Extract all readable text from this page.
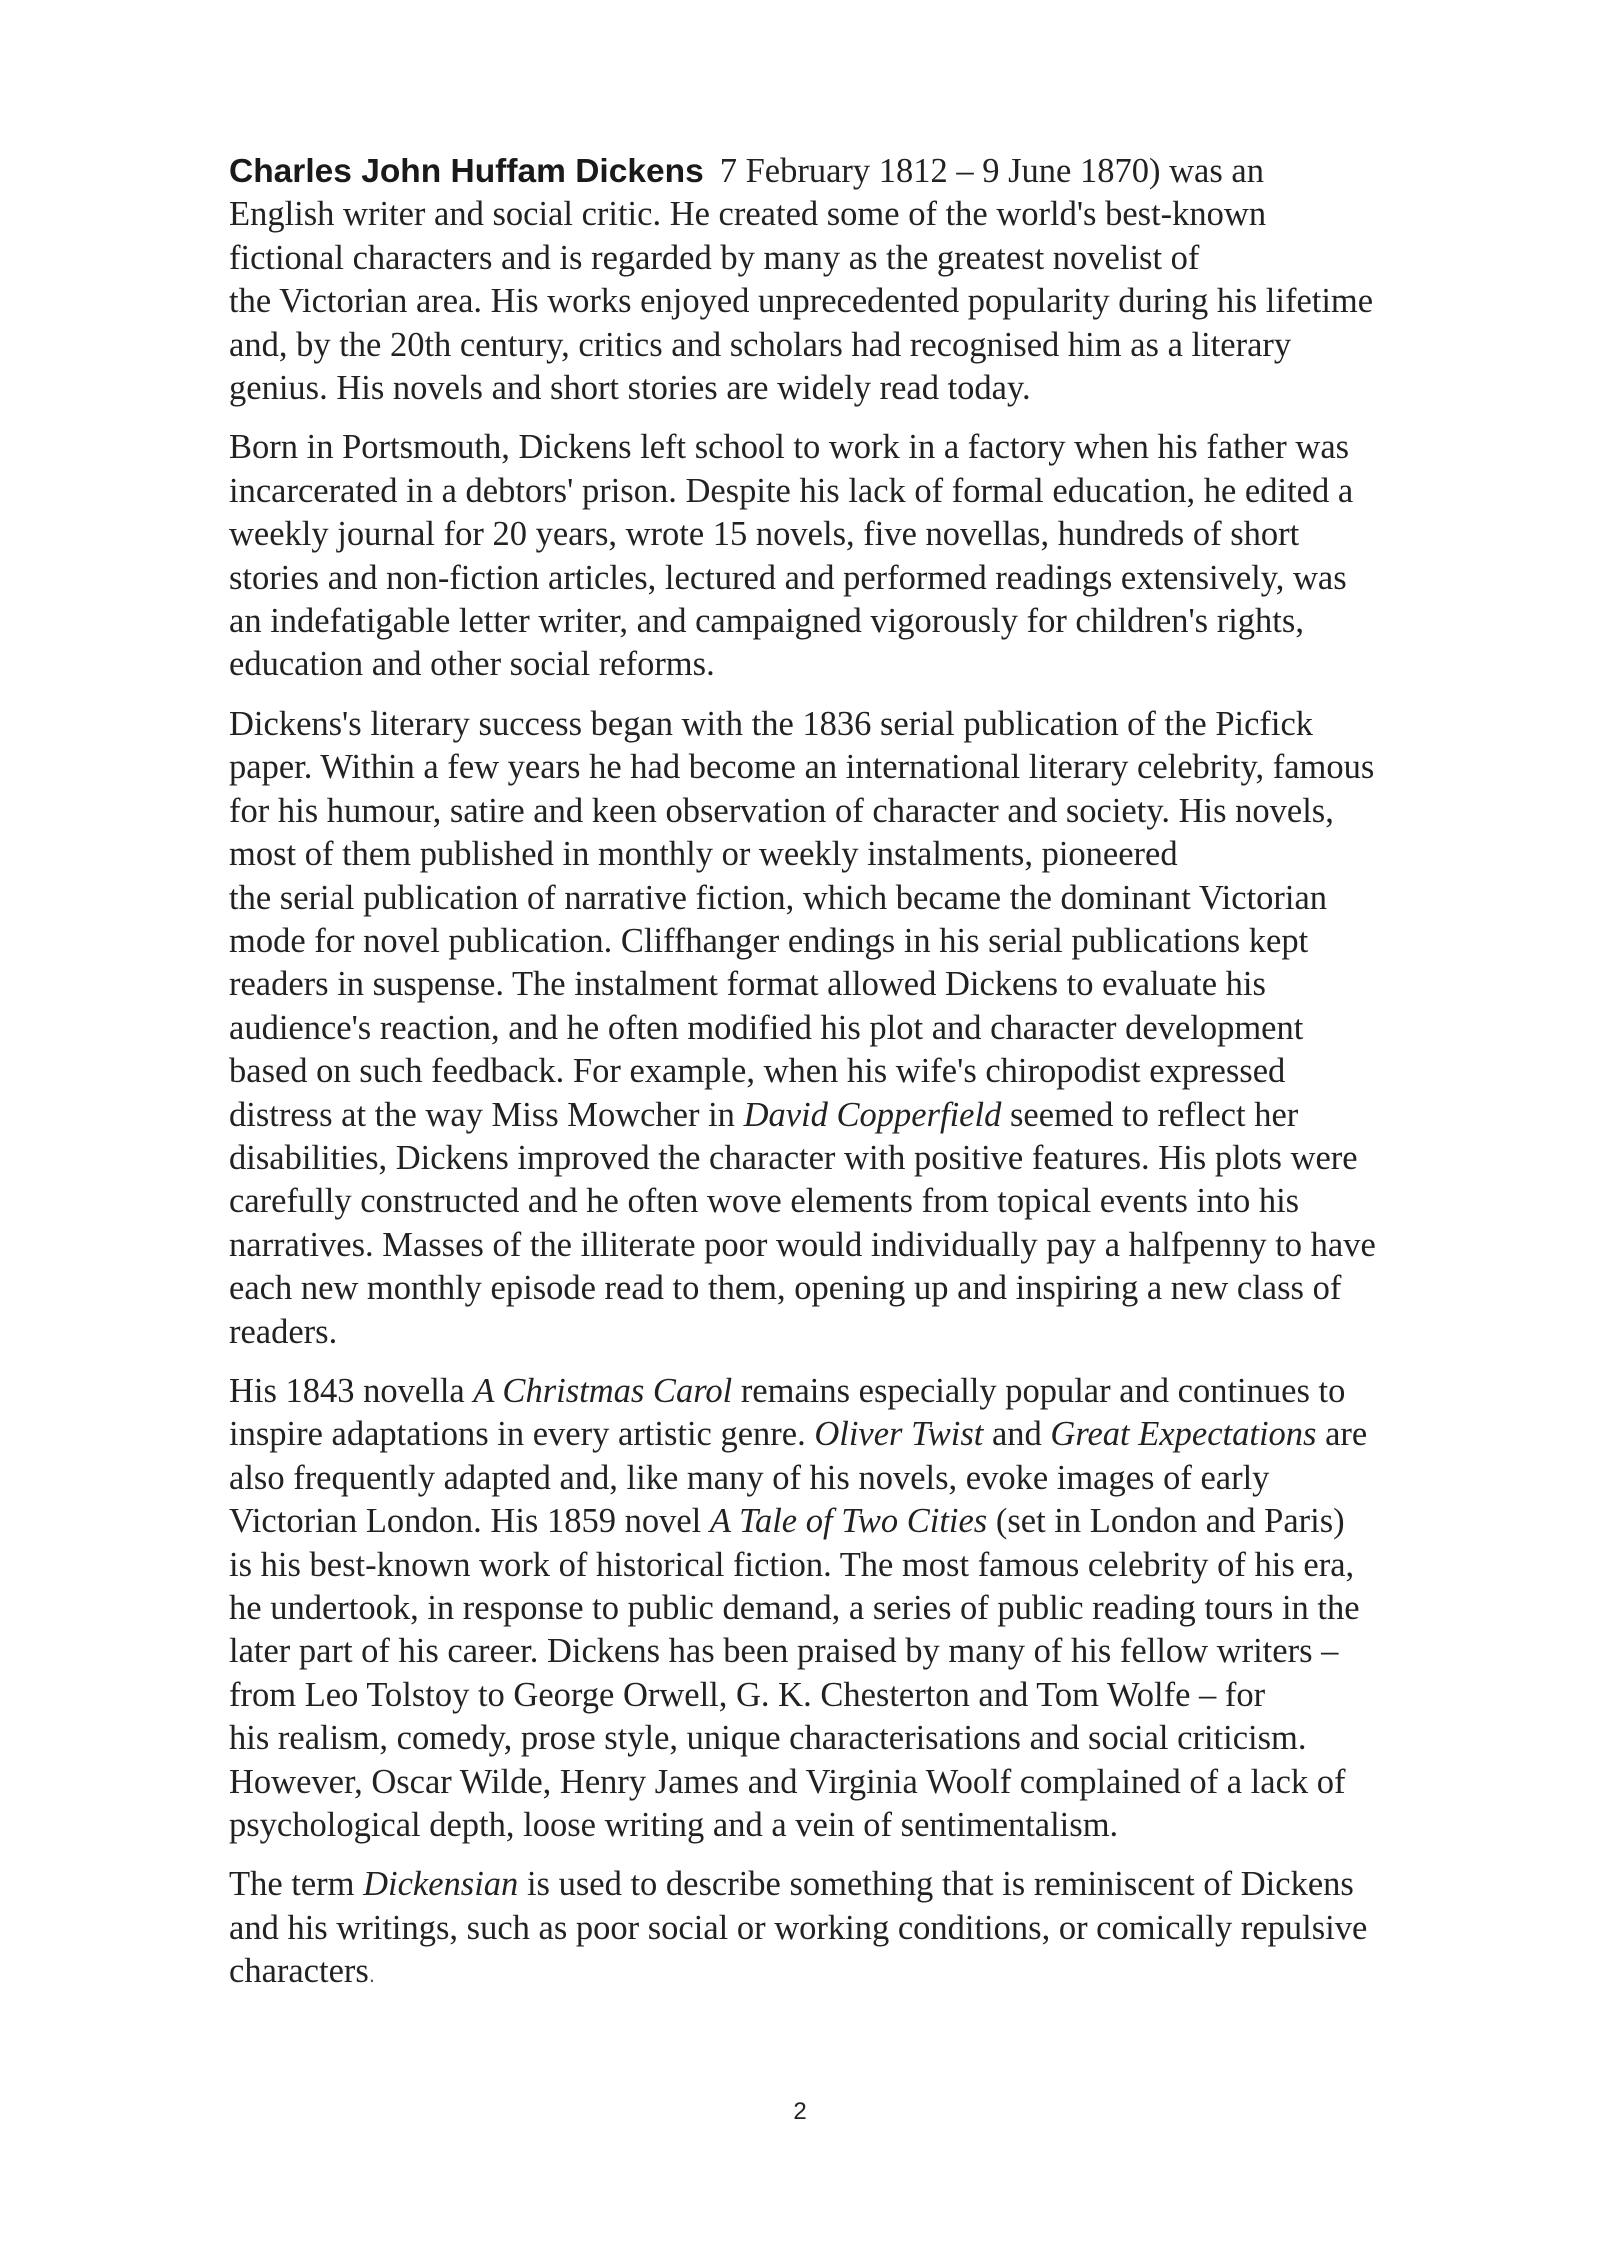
Charles John Huffam Dickens 7 February 1812 – 9 June 1870) was an
English writer and social critic. He created some of the world's best-known
fictional characters and is regarded by many as the greatest novelist of
the Victorian area. His works enjoyed unprecedented popularity during his lifetime
and, by the 20th century, critics and scholars had recognised him as a literary
genius. His novels and short stories are widely read today.

Born in Portsmouth, Dickens left school to work in a factory when his father was
incarcerated in a debtors' prison. Despite his lack of formal education, he edited a
weekly journal for 20 years, wrote 15 novels, five novellas, hundreds of short
stories and non-fiction articles, lectured and performed readings extensively, was
an indefatigable letter writer, and campaigned vigorously for children's rights,
education and other social reforms.

Dickens's literary success began with the 1836 serial publication of the Picfick
paper. Within a few years he had become an international literary celebrity, famous
for his humour, satire and keen observation of character and society. His novels,
most of them published in monthly or weekly instalments, pioneered
the serial publication of narrative fiction, which became the dominant Victorian
mode for novel publication. Cliffhanger endings in his serial publications kept
readers in suspense. The instalment format allowed Dickens to evaluate his
audience's reaction, and he often modified his plot and character development
based on such feedback. For example, when his wife's chiropodist expressed
distress at the way Miss Mowcher in David Copperfield seemed to reflect her
disabilities, Dickens improved the character with positive features. His plots were
carefully constructed and he often wove elements from topical events into his
narratives. Masses of the illiterate poor would individually pay a halfpenny to have
each new monthly episode read to them, opening up and inspiring a new class of
readers.

His 1843 novella A Christmas Carol remains especially popular and continues to
inspire adaptations in every artistic genre. Oliver Twist and Great Expectations are
also frequently adapted and, like many of his novels, evoke images of early
Victorian London. His 1859 novel A Tale of Two Cities (set in London and Paris)
is his best-known work of historical fiction. The most famous celebrity of his era,
he undertook, in response to public demand, a series of public reading tours in the
later part of his career. Dickens has been praised by many of his fellow writers –
from Leo Tolstoy to George Orwell, G. K. Chesterton and Tom Wolfe – for
his realism, comedy, prose style, unique characterisations and social criticism.
However, Oscar Wilde, Henry James and Virginia Woolf complained of a lack of
psychological depth, loose writing and a vein of sentimentalism.

The term Dickensian is used to describe something that is reminiscent of Dickens
and his writings, such as poor social or working conditions, or comically repulsive
characters.

2
